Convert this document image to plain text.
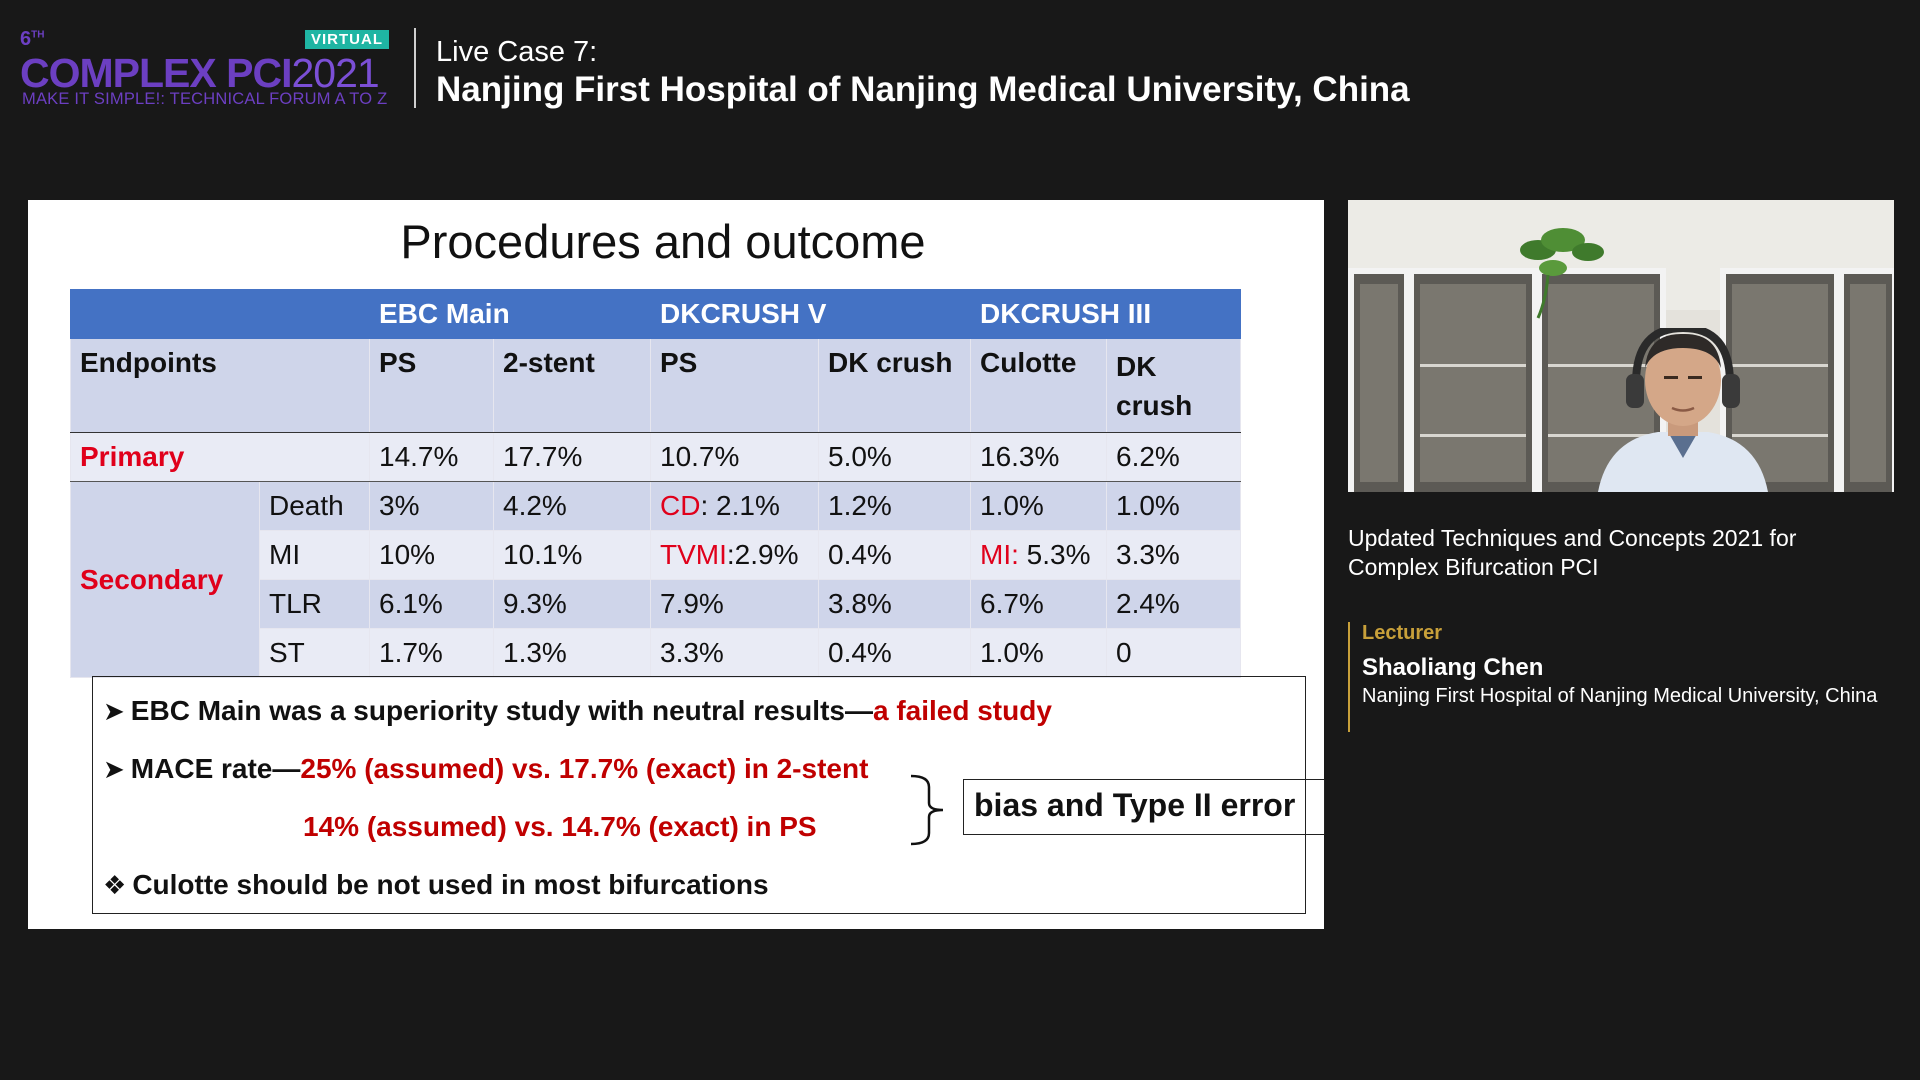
6TH	VIRTUAL
COMPLEX PCI2021
MAKE IT SIMPLE!: TECHNICAL FORUM A TO Z
Live Case 7:
Nanjing First Hospital of Nanjing Medical University, China
Procedures and outcome
		EBC Main		DKCRUSH V		DKCRUSH III	
Endpoints		PS	2-stent	PS	DK crush	Culotte	DK crush
Primary		14.7%	17.7%	10.7%	5.0%	16.3%	6.2%
Secondary	Death	3%	4.2%	CD: 2.1%	1.2%	1.0%	1.0%
	MI	10%	10.1%	TVMI:2.9%	0.4%	MI: 5.3%	3.3%
	TLR	6.1%	9.3%	7.9%	3.8%	6.7%	2.4%
	ST	1.7%	1.3%	3.3%	0.4%	1.0%	0
➤ EBC Main was a superiority study with neutral results—a failed study
➤ MACE rate—25% (assumed) vs. 17.7% (exact) in 2-stent
14% (assumed) vs. 14.7% (exact) in PS
bias and Type II error
❖ Culotte should be not used in most bifurcations
Updated Techniques and Concepts 2021 for Complex Bifurcation PCI
Lecturer
Shaoliang Chen
Nanjing First Hospital of Nanjing Medical University, China
